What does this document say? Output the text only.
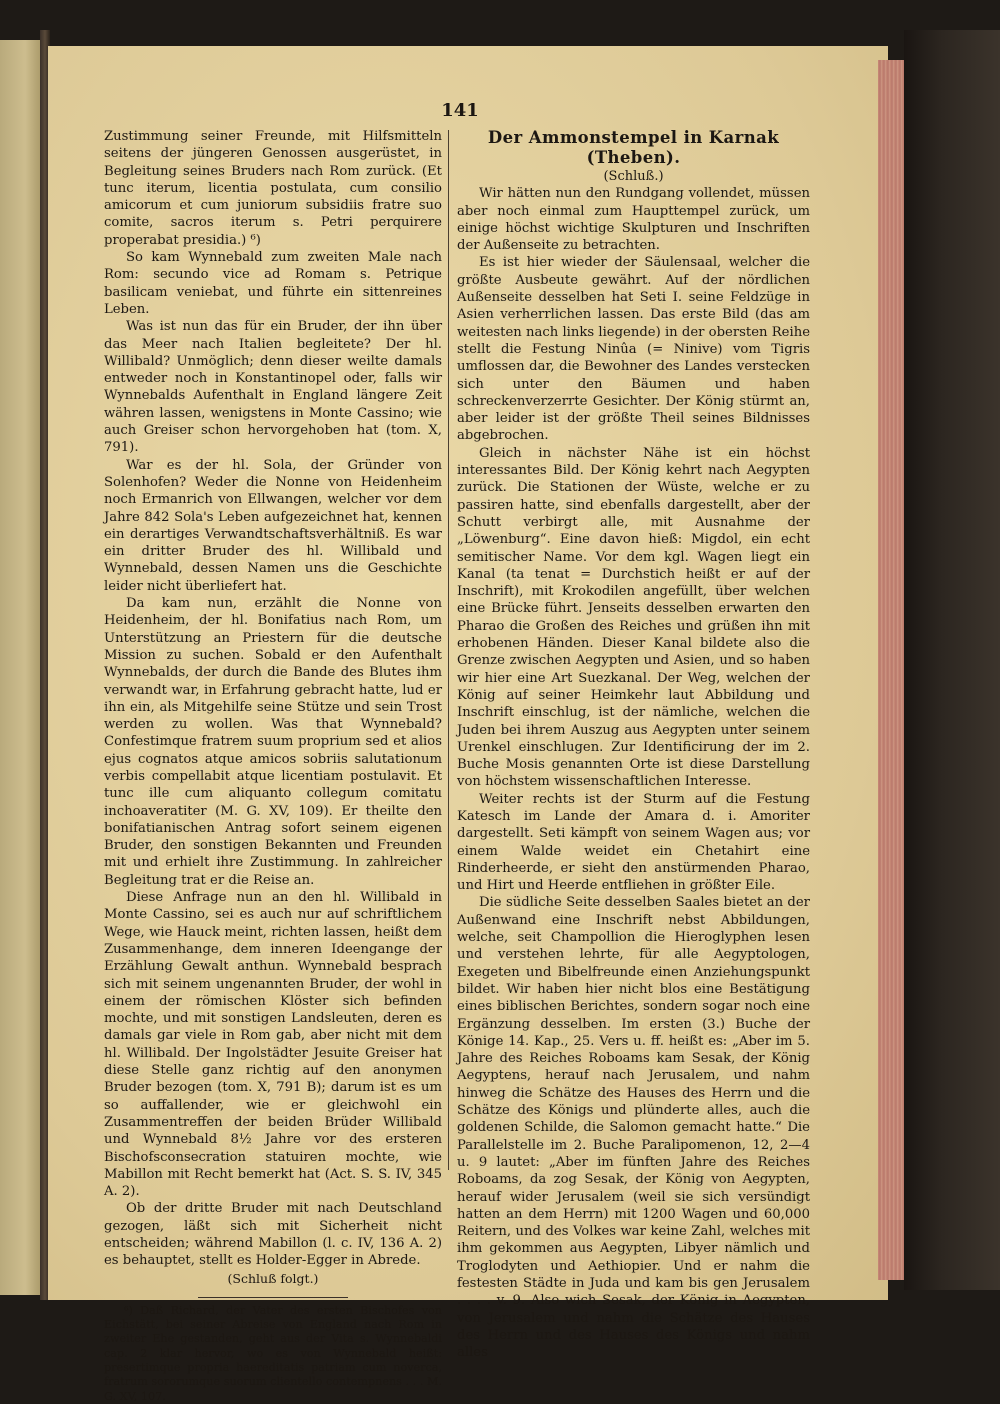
141

Zustimmung seiner Freunde, mit Hilfsmitteln seitens der jüngeren Genossen ausgerüstet, in Begleitung seines Bruders nach Rom zurück. (Et tunc iterum, licentia postulata, cum consilio amicorum et cum juniorum subsidiis fratre suo comite, sacros iterum s. Petri perquirere properabat presidia.) ⁶)

So kam Wynnebald zum zweiten Male nach Rom: secundo vice ad Romam s. Petrique basilicam veniebat, und führte ein sittenreines Leben.

Was ist nun das für ein Bruder, der ihn über das Meer nach Italien begleitete? Der hl. Willibald? Unmöglich; denn dieser weilte damals entweder noch in Konstantinopel oder, falls wir Wynnebalds Aufenthalt in England längere Zeit währen lassen, wenigstens in Monte Cassino; wie auch Greiser schon hervorgehoben hat (tom. X, 791).

War es der hl. Sola, der Gründer von Solenhofen? Weder die Nonne von Heidenheim noch Ermanrich von Ellwangen, welcher vor dem Jahre 842 Sola's Leben aufgezeichnet hat, kennen ein derartiges Verwandtschaftsverhältniß. Es war ein dritter Bruder des hl. Willibald und Wynnebald, dessen Namen uns die Geschichte leider nicht überliefert hat.

Da kam nun, erzählt die Nonne von Heidenheim, der hl. Bonifatius nach Rom, um Unterstützung an Priestern für die deutsche Mission zu suchen. Sobald er den Aufenthalt Wynnebalds, der durch die Bande des Blutes ihm verwandt war, in Erfahrung gebracht hatte, lud er ihn ein, als Mitgehilfe seine Stütze und sein Trost werden zu wollen. Was that Wynnebald? Confestimque fratrem suum proprium sed et alios ejus cognatos atque amicos sobriis salutationum verbis compellabit atque licentiam postulavit. Et tunc ille cum aliquanto collegum comitatu inchoaveratiter (M. G. XV, 109). Er theilte den bonifatianischen Antrag sofort seinem eigenen Bruder, den sonstigen Bekannten und Freunden mit und erhielt ihre Zustimmung. In zahlreicher Begleitung trat er die Reise an.

Diese Anfrage nun an den hl. Willibald in Monte Cassino, sei es auch nur auf schriftlichem Wege, wie Hauck meint, richten lassen, heißt dem Zusammenhange, dem inneren Ideengange der Erzählung Gewalt anthun. Wynnebald besprach sich mit seinem ungenannten Bruder, der wohl in einem der römischen Klöster sich befinden mochte, und mit sonstigen Landsleuten, deren es damals gar viele in Rom gab, aber nicht mit dem hl. Willibald. Der Ingolstädter Jesuite Greiser hat diese Stelle ganz richtig auf den anonymen Bruder bezogen (tom. X, 791 B); darum ist es um so auffallender, wie er gleichwohl ein Zusammentreffen der beiden Brüder Willibald und Wynnebald 8½ Jahre vor des ersteren Bischofsconsecration statuiren mochte, wie Mabillon mit Recht bemerkt hat (Act. S. S. IV, 345 A. 2).

Ob der dritte Bruder mit nach Deutschland gezogen, läßt sich mit Sicherheit nicht entscheiden; während Mabillon (l. c. IV, 136 A. 2) es behauptet, stellt es Holder-Egger in Abrede.

(Schluß folgt.)

⁶) Daß Richard, der Vater des ersten Bischofes von Eichstätt, bei seiner Abreise von England nach Rom in zweiter Ehe gestanden, geht aus der Vita s. Wynnebaldi cap. 2 klar hervor, wo es von Wynnebald heißt: presertimque propria haereditatis patriam cum noverca, fratrum sororumque suorum clientello contempnens . . . M. G. XV, 107.

Der Ammonstempel in Karnak (Theben).

(Schluß.)

Wir hätten nun den Rundgang vollendet, müssen aber noch einmal zum Haupttempel zurück, um einige höchst wichtige Skulpturen und Inschriften der Außenseite zu betrachten.

Es ist hier wieder der Säulensaal, welcher die größte Ausbeute gewährt. Auf der nördlichen Außenseite desselben hat Seti I. seine Feldzüge in Asien verherrlichen lassen. Das erste Bild (das am weitesten nach links liegende) in der obersten Reihe stellt die Festung Ninûa (= Ninive) vom Tigris umflossen dar, die Bewohner des Landes verstecken sich unter den Bäumen und haben schreckenverzerrte Gesichter. Der König stürmt an, aber leider ist der größte Theil seines Bildnisses abgebrochen.

Gleich in nächster Nähe ist ein höchst interessantes Bild. Der König kehrt nach Aegypten zurück. Die Stationen der Wüste, welche er zu passiren hatte, sind ebenfalls dargestellt, aber der Schutt verbirgt alle, mit Ausnahme der „Löwenburg“. Eine davon hieß: Migdol, ein echt semitischer Name. Vor dem kgl. Wagen liegt ein Kanal (ta tenat = Durchstich heißt er auf der Inschrift), mit Krokodilen angefüllt, über welchen eine Brücke führt. Jenseits desselben erwarten den Pharao die Großen des Reiches und grüßen ihn mit erhobenen Händen. Dieser Kanal bildete also die Grenze zwischen Aegypten und Asien, und so haben wir hier eine Art Suezkanal. Der Weg, welchen der König auf seiner Heimkehr laut Abbildung und Inschrift einschlug, ist der nämliche, welchen die Juden bei ihrem Auszug aus Aegypten unter seinem Urenkel einschlugen. Zur Identificirung der im 2. Buche Mosis genannten Orte ist diese Darstellung von höchstem wissenschaftlichen Interesse.

Weiter rechts ist der Sturm auf die Festung Katesch im Lande der Amara d. i. Amoriter dargestellt. Seti kämpft von seinem Wagen aus; vor einem Walde weidet ein Chetahirt eine Rinderheerde, er sieht den anstürmenden Pharao, und Hirt und Heerde entfliehen in größter Eile.

Die südliche Seite desselben Saales bietet an der Außenwand eine Inschrift nebst Abbildungen, welche, seit Champollion die Hieroglyphen lesen und verstehen lehrte, für alle Aegyptologen, Exegeten und Bibelfreunde einen Anziehungspunkt bildet. Wir haben hier nicht blos eine Bestätigung eines biblischen Berichtes, sondern sogar noch eine Ergänzung desselben. Im ersten (3.) Buche der Könige 14. Kap., 25. Vers u. ff. heißt es: „Aber im 5. Jahre des Reiches Roboams kam Sesak, der König Aegyptens, herauf nach Jerusalem, und nahm hinweg die Schätze des Hauses des Herrn und die Schätze des Königs und plünderte alles, auch die goldenen Schilde, die Salomon gemacht hatte.“ Die Parallelstelle im 2. Buche Paralipomenon, 12, 2—4 u. 9 lautet: „Aber im fünften Jahre des Reiches Roboams, da zog Sesak, der König von Aegypten, herauf wider Jerusalem (weil sie sich versündigt hatten an dem Herrn) mit 1200 Wagen und 60,000 Reitern, und des Volkes war keine Zahl, welches mit ihm gekommen aus Aegypten, Libyer nämlich und Troglodyten und Aethiopier. Und er nahm die festesten Städte in Juda und kam bis gen Jerusalem . . . . v. 9. Also wich Sesak, der König in Aegypten, von Jerusalem und nahm die Schätze des Hauses des Herrn und des Hauses des Königs und nahm alles
